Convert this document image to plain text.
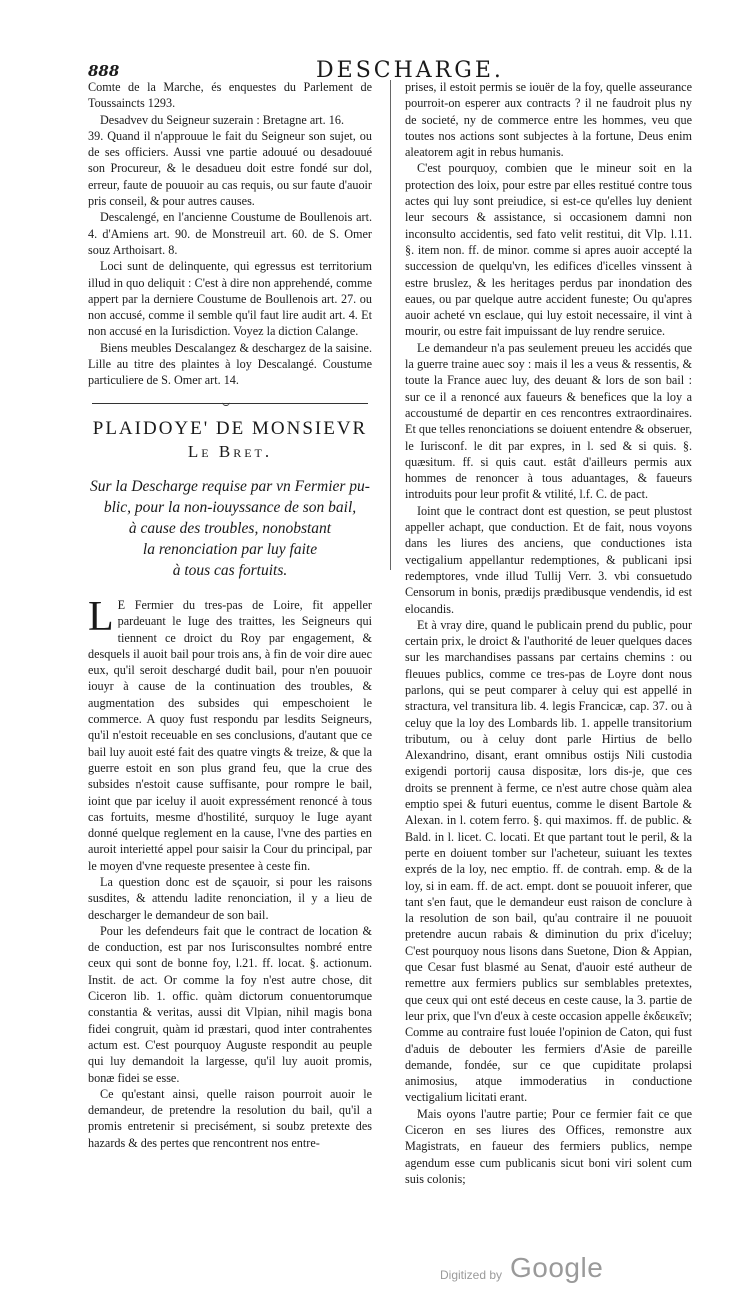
888	DESCHARGE.

Comte de la Marche, és enquestes du Parlement de Toussaincts 1293.

Desadvev du Seigneur suzerain : Bretagne art. 16.

39. Quand il n'approuue le fait du Seigneur son sujet, ou de ses officiers. Aussi vne partie adouué ou desadouué son Procureur, & le desadueu doit estre fondé sur dol, erreur, faute de pouuoir au cas requis, ou sur faute d'auoir pris conseil, & pour autres causes.

Descalengé, en l'ancienne Coustume de Boullenois art. 4. d'Amiens art. 90. de Monstreuil art. 60. de S. Omer souz Arthoisart. 8.

Loci sunt de delinquente, qui egressus est territorium illud in quo deliquit : C'est à dire non apprehendé, comme appert par la derniere Coustume de Boullenois art. 27. ou non accusé, comme il semble qu'il faut lire audit art. 4. Et non accusé en la Iurisdiction. Voyez la diction Calange.

Biens meubles Descalangez & deschargez de la saisine. Lille au titre des plaintes à loy Descalangé. Coustume particuliere de S. Omer art. 14.

PLAIDOYE' DE MONSIEVR
Le Bret.
Sur la Descharge requise par vn Fermier pu-
blic, pour la non-iouyssance de son bail,
à cause des troubles, nonobstant
la renonciation par luy faite
à tous cas fortuits.

L E Fermier du tres-pas de Loire, fit appeller pardeuant le Iuge des traittes, les Seigneurs qui tiennent ce droict du Roy par engagement, & desquels il auoit bail pour trois ans, à fin de voir dire auec eux, qu'il seroit deschargé dudit bail, pour n'en pouuoir iouyr à cause de la continuation des troubles, & augmentation des subsides qui empeschoient le commerce. A quoy fust respondu par lesdits Seigneurs, qu'il n'estoit receuable en ses conclusions, d'autant que ce bail luy auoit esté fait des quatre vingts & treize, & que la guerre estoit en son plus grand feu, que la crue des subsides n'estoit cause suffisante, pour rompre le bail, ioint que par iceluy il auoit expressément renoncé à tous cas fortuits, mesme d'hostilité, surquoy le Iuge ayant donné quelque reglement en la cause, l'vne des parties en auroit interietté appel pour saisir la Cour du principal, par le moyen d'vne requeste presentee à ceste fin.

La question donc est de sçauoir, si pour les raisons susdites, & attendu ladite renonciation, il y a lieu de descharger le demandeur de son bail.

Pour les defendeurs fait que le contract de location & de conduction, est par nos Iurisconsultes nombré entre ceux qui sont de bonne foy, l.21. ff. locat. §. actionum. Instit. de act. Or comme la foy n'est autre chose, dit Ciceron lib. 1. offic. quàm dictorum conuentorumque constantia & veritas, aussi dit Vlpian, nihil magis bona fidei congruit, quàm id præstari, quod inter contrahentes actum est. C'est pourquoy Auguste respondit au peuple qui luy demandoit la largesse, qu'il luy auoit promis, bonæ fidei se esse.

Ce qu'estant ainsi, quelle raison pourroit auoir le demandeur, de pretendre la resolution du bail, qu'il a promis entretenir si precisément, si soubz pretexte des hazards & des pertes que rencontrent nos entre-

prises, il estoit permis se iouër de la foy, quelle asseurance pourroit-on esperer aux contracts ? il ne faudroit plus ny de societé, ny de commerce entre les hommes, veu que toutes nos actions sont subjectes à la fortune, Deus enim aleatorem agit in rebus humanis.

C'est pourquoy, combien que le mineur soit en la protection des loix, pour estre par elles restitué contre tous actes qui luy sont preiudice, si est-ce qu'elles luy denient leur secours & assistance, si occasionem damni non inconsulto accidentis, sed fato velit restitui, dit Vlp. l.11. §. item non. ff. de minor. comme si apres auoir accepté la succession de quelqu'vn, les edifices d'icelles vinssent à estre bruslez, & les heritages perdus par inondation des eaues, ou par quelque autre accident funeste; Ou qu'apres auoir acheté vn esclaue, qui luy estoit necessaire, il vint à mourir, ou estre fait impuissant de luy rendre seruice.

Le demandeur n'a pas seulement preueu les accidés que la guerre traine auec soy : mais il les a veus & ressentis, & toute la France auec luy, des deuant & lors de son bail : sur ce il a renoncé aux faueurs & benefices que la loy a accoustumé de departir en ces rencontres extraordinaires. Et que telles renonciations se doiuent entendre & obseruer, le Iurisconf. le dit par expres, in l. sed & si quis. §. quæsitum. ff. si quis caut. estât d'ailleurs permis aux hommes de renoncer à tous aduantages, & faueurs introduits pour leur profit & vtilité, l.f. C. de pact.

Ioint que le contract dont est question, se peut plustost appeller achapt, que conduction. Et de fait, nous voyons dans les liures des anciens, que conductiones ista vectigalium appellantur redemptiones, & publicani ipsi redemptores, vnde illud Tullij Verr. 3. vbi consuetudo Censorum in bonis, prædijs prædibusque vendendis, id est elocandis.

Et à vray dire, quand le publicain prend du public, pour certain prix, le droict & l'authorité de leuer quelques daces sur les marchandises passans par certains chemins : ou fleuues publics, comme ce tres-pas de Loyre dont nous parlons, qui se peut comparer à celuy qui est appellé in stractura, vel transitura lib. 4. legis Francicæ, cap. 37. ou à celuy que la loy des Lombards lib. 1. appelle transitorium tributum, ou à celuy dont parle Hirtius de bello Alexandrino, disant, erant omnibus ostijs Nili custodia exigendi portorij causa dispositæ, lors dis-je, que ces droits se prennent à ferme, ce n'est autre chose quàm alea emptio spei & futuri euentus, comme le disent Bartole & Alexan. in l. cotem ferro. §. qui maximos. ff. de public. & Bald. in l. licet. C. locati. Et que partant tout le peril, & la perte en doiuent tomber sur l'acheteur, suiuant les textes exprés de la loy, nec emptio. ff. de contrah. emp. & de la loy, si in eam. ff. de act. empt. dont se pouuoit inferer, que tant s'en faut, que le demandeur eust raison de conclure à la resolution de son bail, qu'au contraire il ne pouuoit pretendre aucun rabais & diminution du prix d'iceluy; C'est pourquoy nous lisons dans Suetone, Dion & Appian, que Cesar fust blasmé au Senat, d'auoir esté autheur de remettre aux fermiers publics sur semblables pretextes, que ceux qui ont esté deceus en ceste cause, la 3. partie de leur prix, que l'vn d'eux à ceste occasion appelle ἐκδεικεῖν; Comme au contraire fust louée l'opinion de Caton, qui fust d'aduis de debouter les fermiers d'Asie de pareille demande, fondée, sur ce que cupiditate prolapsi animosius, atque immoderatius in conductione vectigalium licitati erant.

Mais oyons l'autre partie; Pour ce fermier fait ce que Ciceron en ses liures des Offices, remonstre aux Magistrats, en faueur des fermiers publics, nempe agendum esse cum publicanis sicut boni viri solent cum suis colonis;

Digitized by Google
